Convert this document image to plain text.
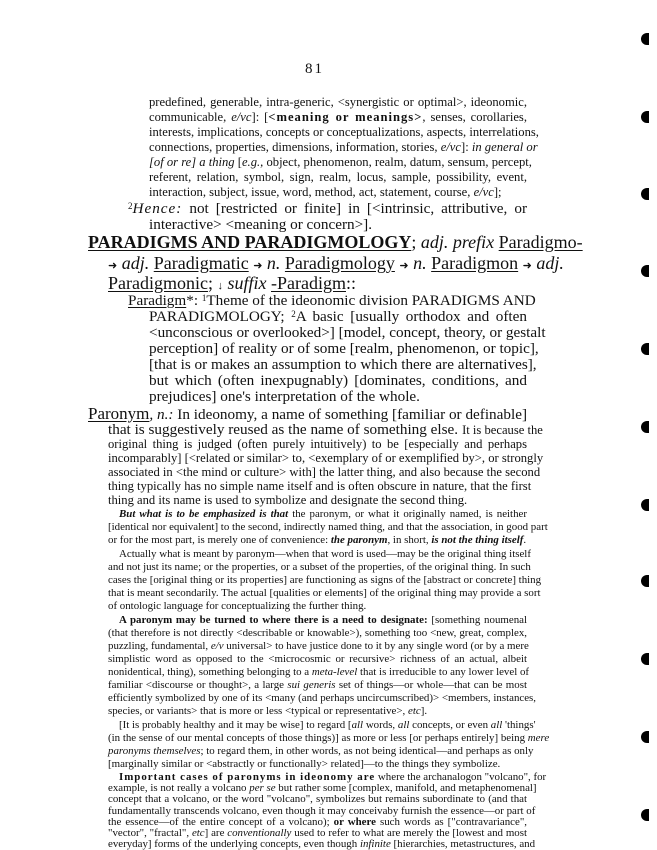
81
predefined, generable, intra-generic, <synergistic or optimal>, ideonomic,
communicable, e/vc]: [<meaning or meanings>, senses, corollaries,
interests, implications, concepts or conceptualizations, aspects, interrelations,
connections, properties, dimensions, information, stories, e/vc]: in general or
[of or re] a thing [e.g., object, phenomenon, realm, datum, sensum, percept,
referent, relation, symbol, sign, realm, locus, sample, possibility, event,
interaction, subject, issue, word, method, act, statement, course, e/vc];
$^2$Hence: not [restricted or finite] in [<intrinsic, attributive, or
interactive> <meaning or concern>].
PARADIGMS AND PARADIGMOLOGY; adj. prefix Paradigmo-
➜ adj. Paradigmatic ➜ n. Paradigmology ➜ n. Paradigmon ➜ adj.
Paradigmonic; ↓ suffix -Paradigm::
Paradigm*: $^1$Theme of the ideonomic division PARADIGMS AND
PARADIGMOLOGY; $^2$A basic [usually orthodox and often
<unconscious or overlooked>] [model, concept, theory, or gestalt
perception] of reality or of some [realm, phenomenon, or topic],
[that is or makes an assumption to which there are alternatives],
but which (often inexpugnably) [dominates, conditions, and
prejudices] one's interpretation of the whole.
Paronym, n.: In ideonomy, a name of something [familiar or definable]
that is suggestively reused as the name of something else. It is because the
original thing is judged (often purely intuitively) to be [especially and perhaps
incomparably] [<related or similar> to, <exemplary of or exemplified by>, or strongly
associated in <the mind or culture> with] the latter thing, and also because the second
thing typically has no simple name itself and is often obscure in nature, that the first
thing and its name is used to symbolize and designate the second thing.
But what is to be emphasized is that the paronym, or what it originally named, is neither
[identical nor equivalent] to the second, indirectly named thing, and that the association, in good part
or for the most part, is merely one of convenience: the paronym, in short, is not the thing itself.
Actually what is meant by paronym—when that word is used—may be the original thing itself
and not just its name; or the properties, or a subset of the properties, of the original thing. In such
cases the [original thing or its properties] are functioning as signs of the [abstract or concrete] thing
that is meant secondarily. The actual [qualities or elements] of the original thing may provide a sort
of ontologic language for conceptualizing the further thing.
A paronym may be turned to where there is a need to designate: [something noumenal
(that therefore is not directly <describable or knowable>), something too <new, great, complex,
puzzling, fundamental, e/v universal> to have justice done to it by any single word (or by a mere
simplistic word as opposed to the <microcosmic or recursive> richness of an actual, albeit
nonidentical, thing), something belonging to a meta-level that is irreducible to any lower level of
familiar <discourse or thought>, a large sui generis set of things—or whole—that can be most
efficiently symbolized by one of its <many (and perhaps uncircumscribed)> <members, instances,
species, or variants> that is more or less <typical or representative>, etc].
[It is probably healthy and it may be wise] to regard [all words, all concepts, or even all 'things'
(in the sense of our mental concepts of those things)] as more or less [or perhaps entirely] being mere
paronyms themselves; to regard them, in other words, as not being identical—and perhaps as only
[marginally similar or <abstractly or functionally> related]—to the things they symbolize.
Important cases of paronyms in ideonomy are where the archanalogon "volcano", for
example, is not really a volcano per se but rather some [complex, manifold, and metaphenomenal]
concept that a volcano, or the word "volcano", symbolizes but remains subordinate to (and that
fundamentally transcends volcano, even though it may conceivaby furnish the essence—or part of
the essence—of the entire concept of a volcano); or where such words as ["contravariance",
"vector", "fractal", etc] are conventionally used to refer to what are merely the [lowest and most
everyday] forms of the underlying concepts, even though infinite [hierarchies, metastructures, and
